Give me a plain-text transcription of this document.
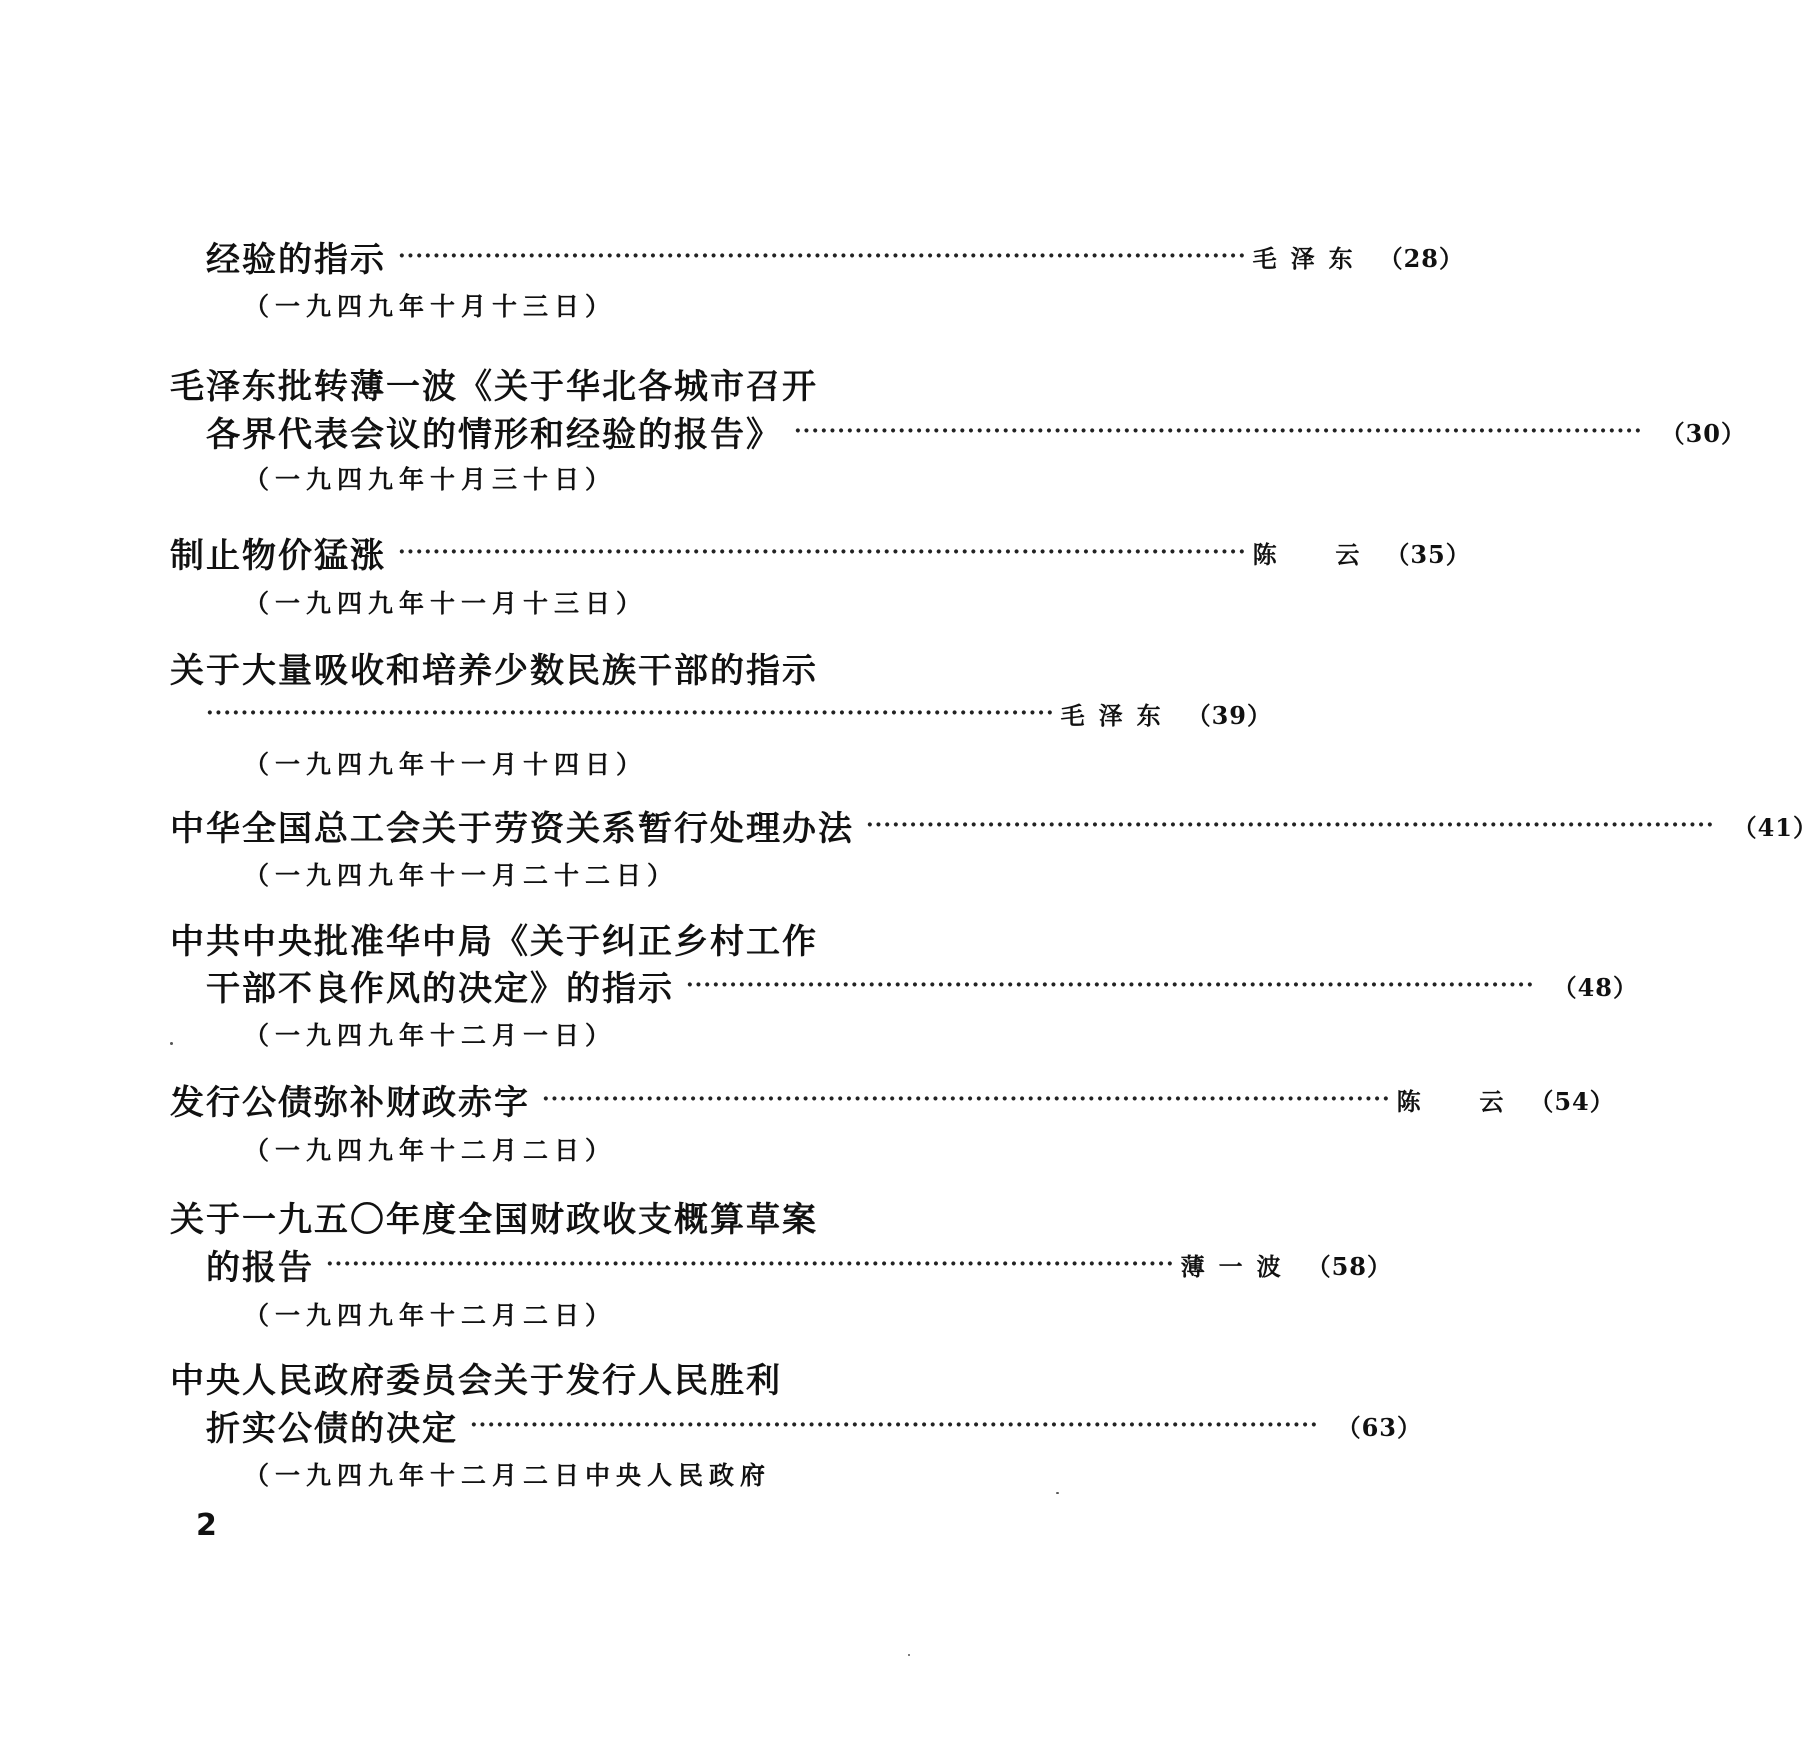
经验的指示 ·································································································· 毛泽东 （28）
（一九四九年十月十三日）
毛泽东批转薄一波《关于华北各城市召开
各界代表会议的情形和经验的报告》 ·································································································· （30）
（一九四九年十月三十日）
制止物价猛涨 ·································································································· 陈  云 （35）
（一九四九年十一月十三日）
关于大量吸收和培养少数民族干部的指示
·································································································· 毛泽东 （39）
（一九四九年十一月十四日）
中华全国总工会关于劳资关系暂行处理办法 ·································································································· （41）
（一九四九年十一月二十二日）
中共中央批准华中局《关于纠正乡村工作
干部不良作风的决定》的指示 ·································································································· （48）
（一九四九年十二月一日）
发行公债弥补财政赤字 ·································································································· 陈  云 （54）
（一九四九年十二月二日）
关于一九五〇年度全国财政收支概算草案
的报告 ·································································································· 薄一波 （58）
（一九四九年十二月二日）
中央人民政府委员会关于发行人民胜利
折实公债的决定 ·································································································· （63）
（一九四九年十二月二日中央人民政府
2
